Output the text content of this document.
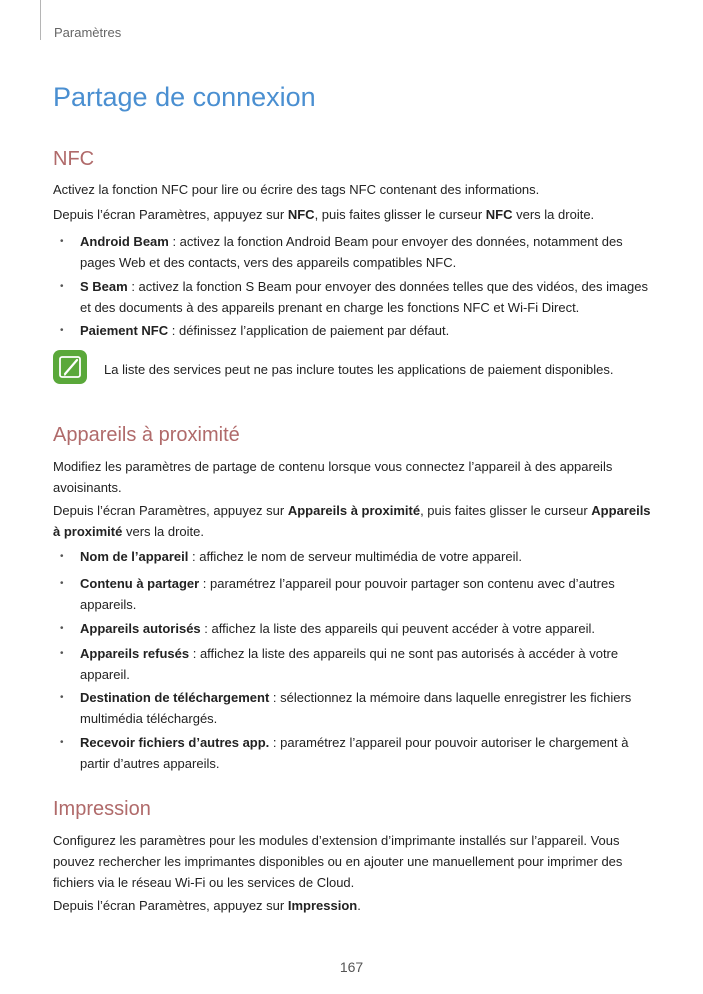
Paramètres
Partage de connexion
NFC

Activez la fonction NFC pour lire ou écrire des tags NFC contenant des informations.

Depuis l’écran Paramètres, appuyez sur NFC, puis faites glisser le curseur NFC vers la droite.

• Android Beam : activez la fonction Android Beam pour envoyer des données, notamment des pages Web et des contacts, vers des appareils compatibles NFC.

• S Beam : activez la fonction S Beam pour envoyer des données telles que des vidéos, des images et des documents à des appareils prenant en charge les fonctions NFC et Wi-Fi Direct.

• Paiement NFC : définissez l’application de paiement par défaut.

La liste des services peut ne pas inclure toutes les applications de paiement disponibles.

Appareils à proximité

Modifiez les paramètres de partage de contenu lorsque vous connectez l’appareil à des appareils avoisinants.

Depuis l’écran Paramètres, appuyez sur Appareils à proximité, puis faites glisser le curseur Appareils à proximité vers la droite.

• Nom de l’appareil : affichez le nom de serveur multimédia de votre appareil.

• Contenu à partager : paramétrez l’appareil pour pouvoir partager son contenu avec d’autres appareils.

• Appareils autorisés : affichez la liste des appareils qui peuvent accéder à votre appareil.

• Appareils refusés : affichez la liste des appareils qui ne sont pas autorisés à accéder à votre appareil.

• Destination de téléchargement : sélectionnez la mémoire dans laquelle enregistrer les fichiers multimédia téléchargés.

• Recevoir fichiers d’autres app. : paramétrez l’appareil pour pouvoir autoriser le chargement à partir d’autres appareils.

Impression

Configurez les paramètres pour les modules d’extension d’imprimante installés sur l’appareil. Vous pouvez rechercher les imprimantes disponibles ou en ajouter une manuellement pour imprimer des fichiers via le réseau Wi-Fi ou les services de Cloud.

Depuis l’écran Paramètres, appuyez sur Impression.

167
